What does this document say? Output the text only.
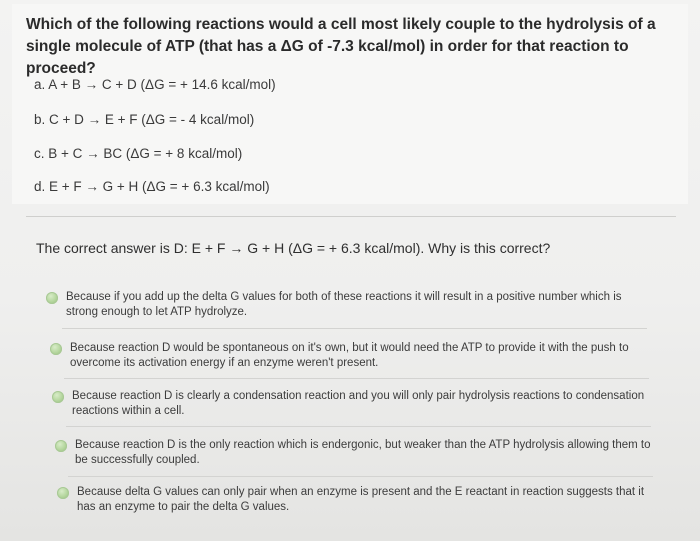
Which of the following reactions would a cell most likely couple to the hydrolysis of a single molecule of ATP (that has a ΔG of -7.3 kcal/mol) in order for that reaction to proceed?
a. A + B → C + D (ΔG = + 14.6 kcal/mol)
b. C + D → E + F (ΔG = - 4 kcal/mol)
c. B + C → BC (ΔG = + 8 kcal/mol)
d. E + F → G + H (ΔG = + 6.3 kcal/mol)
The correct answer is D: E + F → G + H (ΔG = + 6.3 kcal/mol). Why is this correct?
Because if you add up the delta G values for both of these reactions it will result in a positive number which is strong enough to let ATP hydrolyze.
Because reaction D would be spontaneous on it's own, but it would need the ATP to provide it with the push to overcome its activation energy if an enzyme weren't present.
Because reaction D is clearly a condensation reaction and you will only pair hydrolysis reactions to condensation reactions within a cell.
Because reaction D is the only reaction which is endergonic, but weaker than the ATP hydrolysis allowing them to be successfully coupled.
Because delta G values can only pair when an enzyme is present and the E reactant in reaction suggests that it has an enzyme to pair the delta G values.
